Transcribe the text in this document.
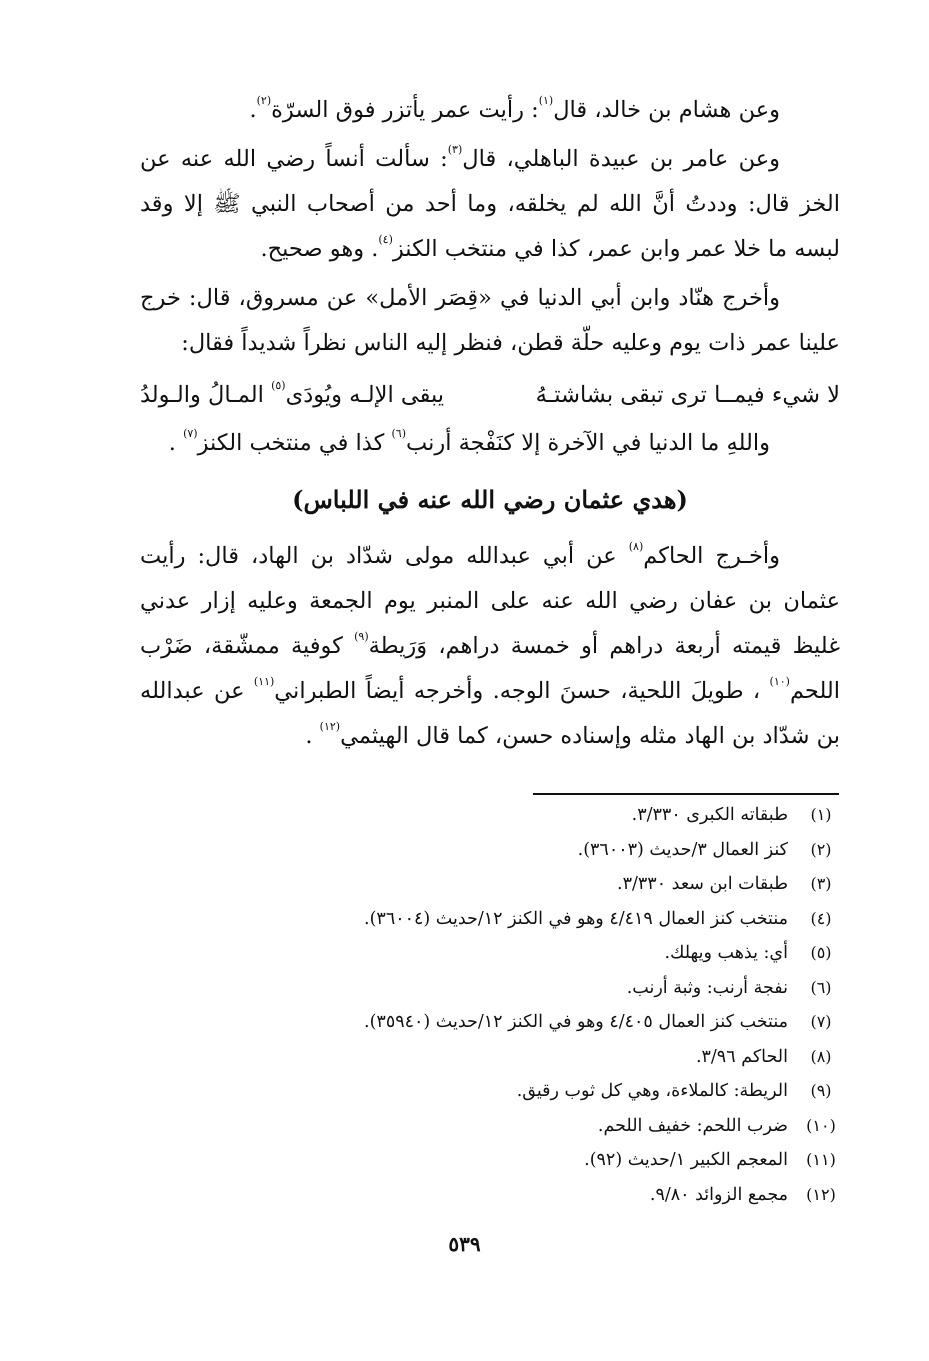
وعن هشام بن خالد، قال$^{(١)}$: رأيت عمر يأتزر فوق السرّة$^{(٢)}$.

وعن عامر بن عبيدة الباهلي، قال$^{(٣)}$: سألت أنساً رضي الله عنه عن الخز قال: وددتُ أنَّ الله لم يخلقه، وما أحد من أصحاب النبي ﷺ إلا وقد لبسه ما خلا عمر وابن عمر، كذا في منتخب الكنز$^{(٤)}$. وهو صحيح.

وأخرج هنّاد وابن أبي الدنيا في «قِصَر الأمل» عن مسروق، قال: خرج علينا عمر ذات يوم وعليه حلّة قطن، فنظر إليه الناس نظراً شديداً فقال:

لا شيء فيمــا ترى تبقى بشاشتـهُ
يبقى الإلـه ويُودَى$^{(٥)}$ المـالُ والـولدُ

واللهِ ما الدنيا في الآخرة إلا كنَفْجة أرنب$^{(٦)}$ كذا في منتخب الكنز$^{(٧)}$ .

(هدي عثمان رضي الله عنه في اللباس)

وأخـرج الحاكم$^{(٨)}$ عن أبي عبدالله مولى شدّاد بن الهاد، قال: رأيت عثمان بن عفان رضي الله عنه على المنبر يوم الجمعة وعليه إزار عدني غليظ قيمته أربعة دراهم أو خمسة دراهم، وَرَيطة$^{(٩)}$ كوفية ممشّقة، ضَرْب اللحم$^{(١٠)}$ ، طويلَ اللحية، حسنَ الوجه. وأخرجه أيضاً الطبراني$^{(١١)}$ عن عبدالله بن شدّاد بن الهاد مثله وإسناده حسن، كما قال الهيثمي$^{(١٢)}$ .

(١)
طبقاته الكبرى ٣/٣٣٠.
(٢)
كنز العمال ٣/حديث (٣٦٠٠٣).
(٣)
طبقات ابن سعد ٣/٣٣٠.
(٤)
منتخب كنز العمال ٤/٤١٩ وهو في الكنز ١٢/حديث (٣٦٠٠٤).
(٥)
أي: يذهب ويهلك.
(٦)
نفجة أرنب: وثبة أرنب.
(٧)
منتخب كنز العمال ٤/٤٠٥ وهو في الكنز ١٢/حديث (٣٥٩٤٠).
(٨)
الحاكم ٣/٩٦.
(٩)
الريطة: كالملاءة، وهي كل ثوب رقيق.
(١٠)
ضرب اللحم: خفيف اللحم.
(١١)
المعجم الكبير ١/حديث (٩٢).
(١٢)
مجمع الزوائد ٩/٨٠.
٥٣٩
